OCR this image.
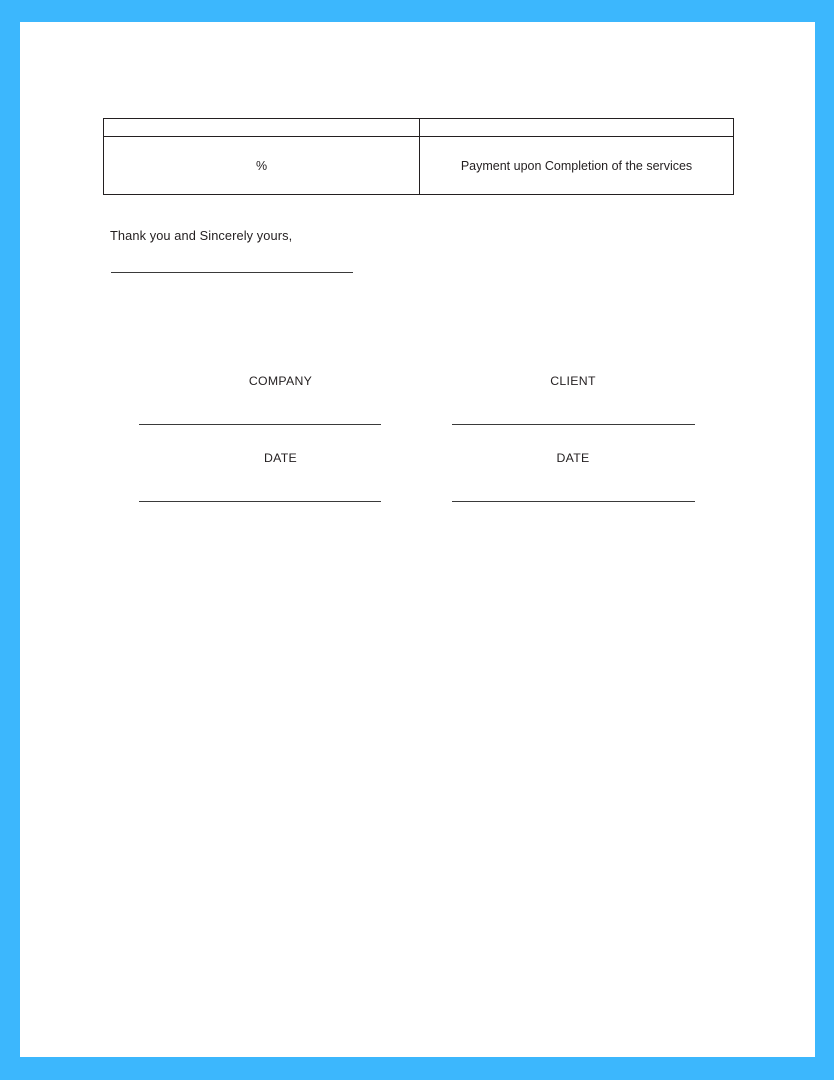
%	Payment upon Completion of the services
Thank you and Sincerely yours,
COMPANY	CLIENT
DATE	DATE
